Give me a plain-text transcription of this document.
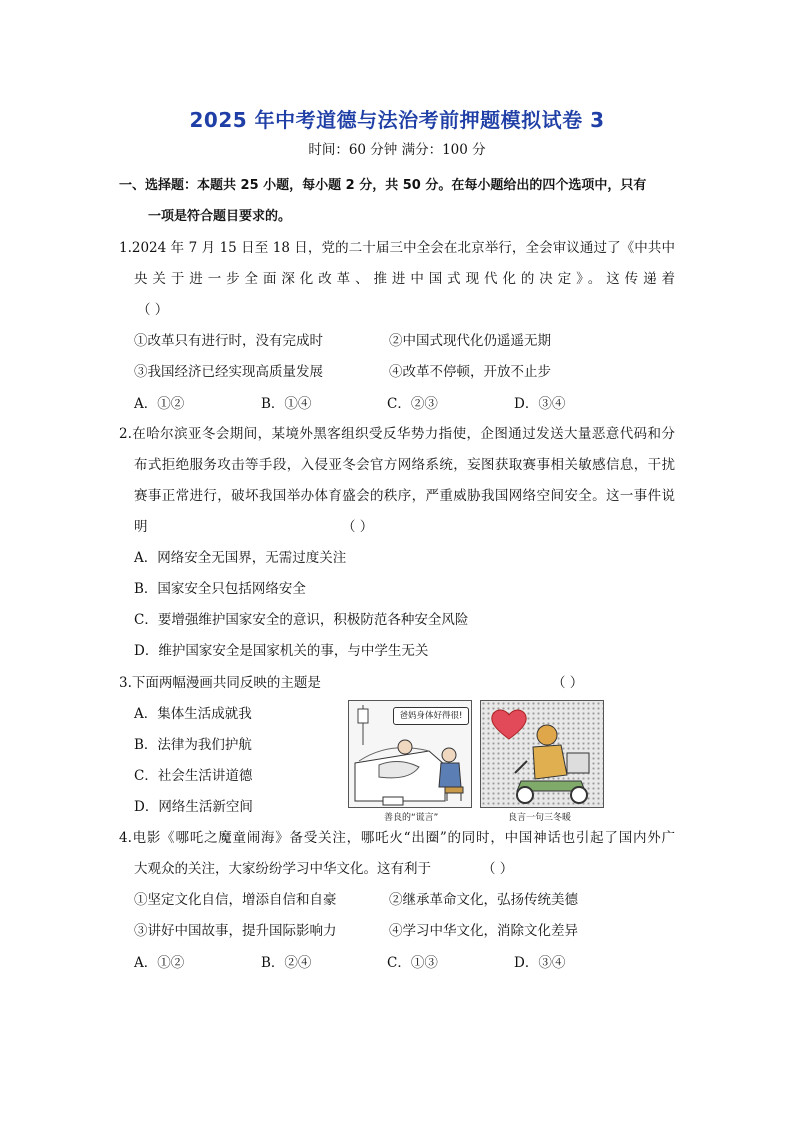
2025 年中考道德与法治考前押题模拟试卷 3
时间：60 分钟 满分：100 分
一、选择题：本题共 25 小题，每小题 2 分，共 50 分。在每小题给出的四个选项中，只有
一项是符合题目要求的。
1.2024 年 7 月 15 日至 18 日，党的二十届三中全会在北京举行，全会审议通过了《中共中
央关于进一步全面深化改革、推进中国式现代化的决定》。这传递着
（ ）
①改革只有进行时，没有完成时	②中国式现代化仍遥遥无期
③我国经济已经实现高质量发展	④改革不停顿，开放不止步
A．①②	B．①④	C．②③	D．③④
2.在哈尔滨亚冬会期间，某境外黑客组织受反华势力指使，企图通过发送大量恶意代码和分
布式拒绝服务攻击等手段，入侵亚冬会官方网络系统，妄图获取赛事相关敏感信息，干扰
赛事正常进行，破坏我国举办体育盛会的秩序，严重威胁我国网络空间安全。这一事件说
明	（ ）
A．网络安全无国界，无需过度关注
B．国家安全只包括网络安全
C．要增强维护国家安全的意识，积极防范各种安全风险
D．维护国家安全是国家机关的事，与中学生无关
3.下面两幅漫画共同反映的主题是	（ ）
A．集体生活成就我
B．法律为我们护航
C．社会生活讲道德
D．网络生活新空间
爸妈身体好得很!
善良的“谎言”	良言一句三冬暖
4.电影《哪吒之魔童闹海》备受关注，哪吒火“出圈”的同时，中国神话也引起了国内外广
大观众的关注，大家纷纷学习中华文化。这有利于	（ ）
①坚定文化自信，增添自信和自豪	②继承革命文化，弘扬传统美德
③讲好中国故事，提升国际影响力	④学习中华文化，消除文化差异
A．①②	B．②④	C．①③	D．③④
